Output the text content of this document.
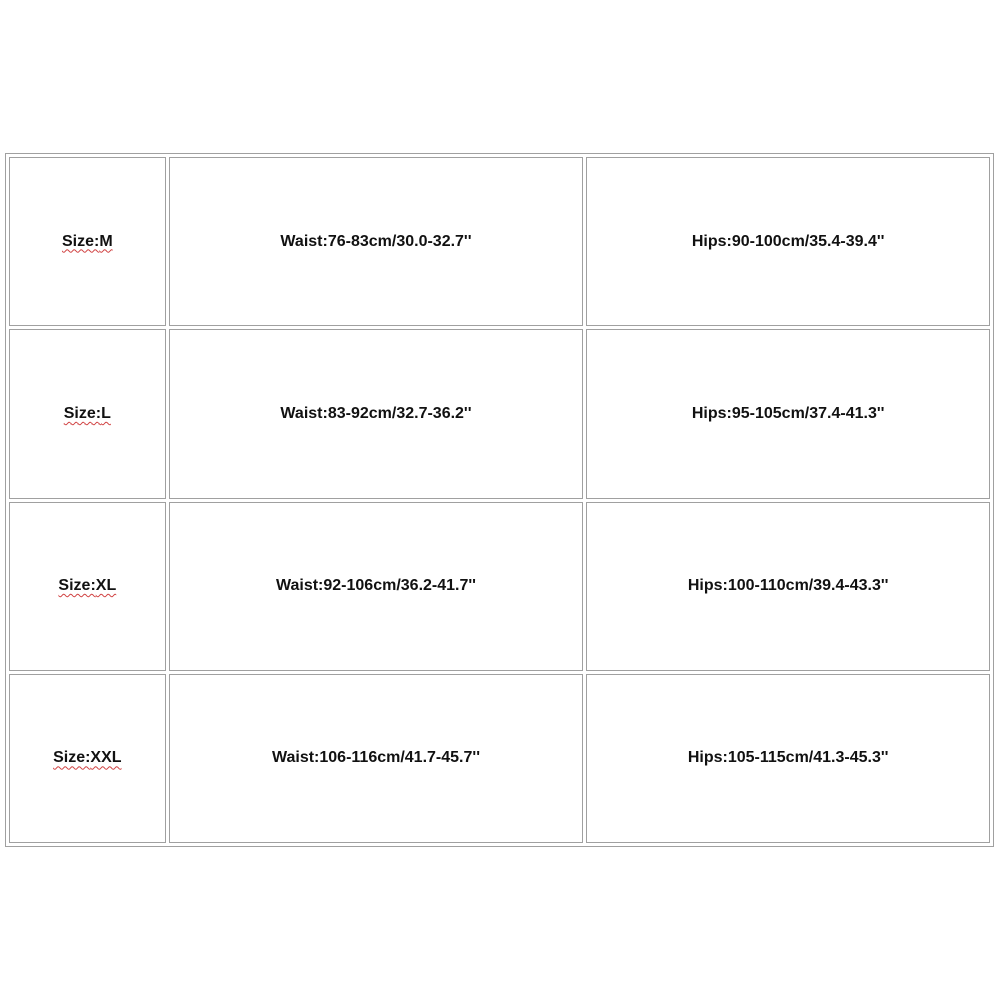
Size:M	Waist:76-83cm/30.0-32.7''	Hips:90-100cm/35.4-39.4''
Size:L	Waist:83-92cm/32.7-36.2''	Hips:95-105cm/37.4-41.3''
Size:XL	Waist:92-106cm/36.2-41.7''	Hips:100-110cm/39.4-43.3''
Size:XXL	Waist:106-116cm/41.7-45.7''	Hips:105-115cm/41.3-45.3''
